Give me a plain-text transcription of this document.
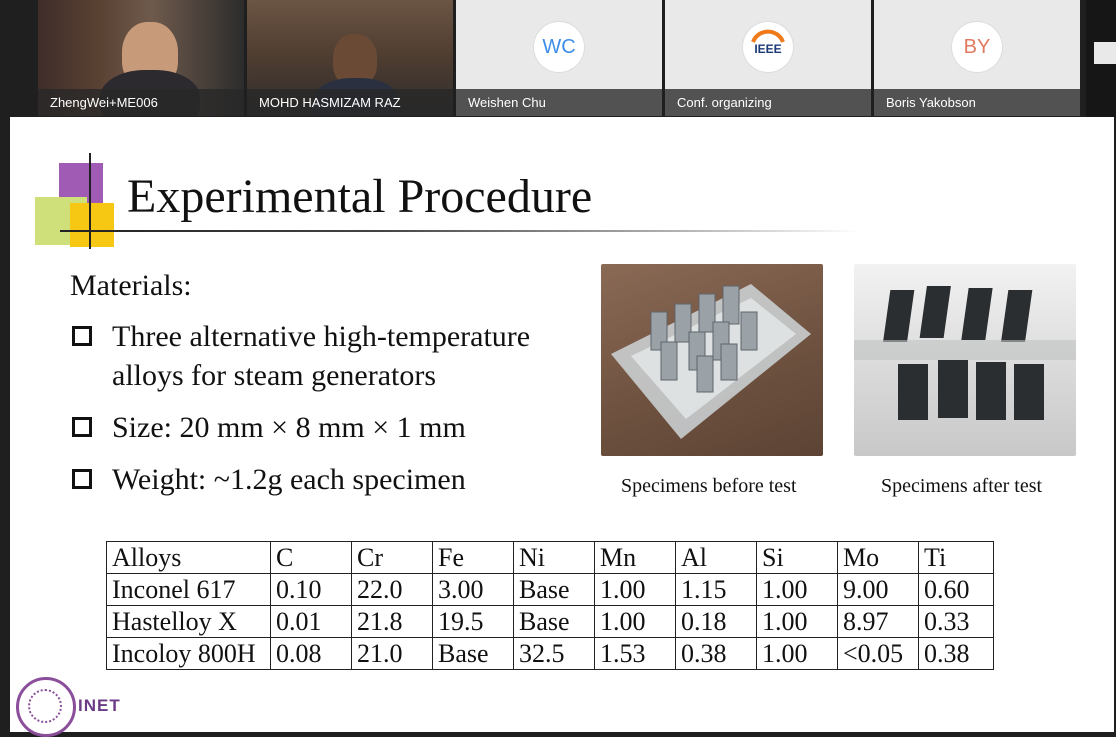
ZhengWei+ME006	MOHD HASMIZAM RAZ
WC
Weishen Chu
IEEE
Conf. organizing
BY
Boris Yakobson
Experimental Procedure
Materials:
Three alternative high-temperature
alloys for steam generators
Size: 20 mm × 8 mm × 1 mm
Weight: ~1.2g each specimen	Specimens before test	Specimens after test
Alloys	C	Cr	Fe	Ni	Mn	Al	Si	Mo	Ti
Inconel 617	0.10	22.0	3.00	Base	1.00	1.15	1.00	9.00	0.60
Hastelloy X	0.01	21.8	19.5	Base	1.00	0.18	1.00	8.97	0.33
Incoloy 800H	0.08	21.0	Base	32.5	1.53	0.38	1.00	<0.05	0.38
INET
